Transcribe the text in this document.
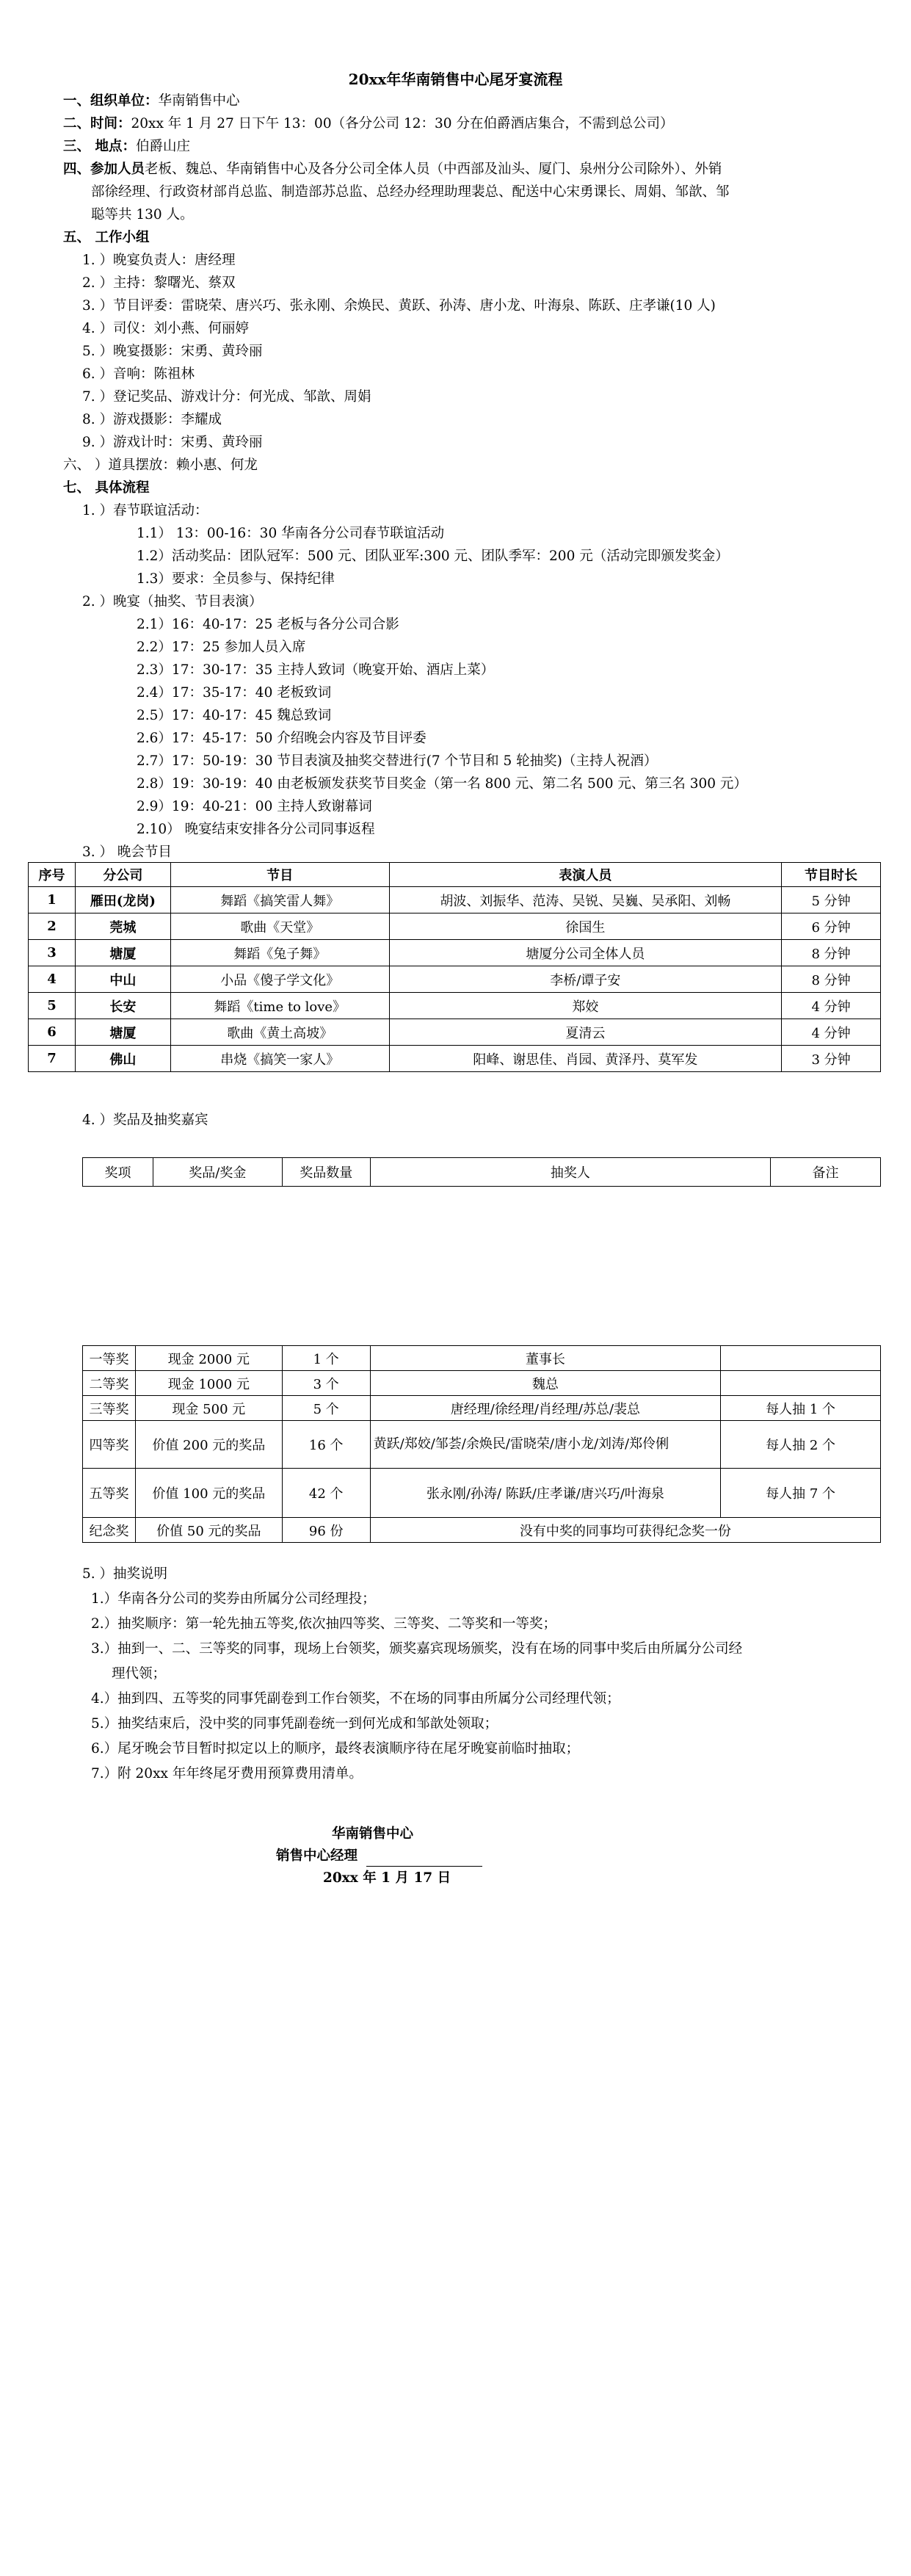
20xx年华南销售中心尾牙宴流程
一、组织单位：华南销售中心
二、时间：20xx 年 1 月 27 日下午 13：00（各分公司 12：30 分在伯爵酒店集合，不需到总公司）
三、 地点：伯爵山庄
四、参加人员老板、魏总、华南销售中心及各分公司全体人员（中西部及汕头、厦门、泉州分公司除外）、外销
部徐经理、行政资材部肖总监、制造部苏总监、总经办经理助理裴总、配送中心宋勇课长、周娟、邹歆、邹
聪等共 130 人。
五、 工作小组
1. ）晚宴负责人：唐经理
2. ）主持：黎曙光、蔡双
3. ）节目评委：雷晓荣、唐兴巧、张永刚、余焕民、黄跃、孙涛、唐小龙、叶海泉、陈跃、庄孝谦(10 人)
4. ）司仪：刘小燕、何丽婷
5. ）晚宴摄影：宋勇、黄玲丽
6. ）音响：陈祖林
7. ）登记奖品、游戏计分：何光成、邹歆、周娟
8. ）游戏摄影：李耀成
9. ）游戏计时：宋勇、黄玲丽
六、 ）道具摆放：赖小惠、何龙
七、 具体流程
1. ）春节联谊活动：
1.1） 13：00-16：30 华南各分公司春节联谊活动
1.2）活动奖品：团队冠军：500 元、团队亚军:300 元、团队季军：200 元（活动完即颁发奖金）
1.3）要求：全员参与、保持纪律
2. ）晚宴（抽奖、节目表演）
2.1）16：40-17：25 老板与各分公司合影
2.2）17：25 参加人员入席
2.3）17：30-17：35 主持人致词（晚宴开始、酒店上菜）
2.4）17：35-17：40 老板致词
2.5）17：40-17：45 魏总致词
2.6）17：45-17：50 介绍晚会内容及节目评委
2.7）17：50-19：30 节目表演及抽奖交替进行(7 个节目和 5 轮抽奖)（主持人祝酒）
2.8）19：30-19：40 由老板颁发获奖节目奖金（第一名 800 元、第二名 500 元、第三名 300 元）
2.9）19：40-21：00 主持人致谢幕词
2.10） 晚宴结束安排各分公司同事返程
3. ） 晚会节目
序号	分公司	节目	表演人员	节目时长
1	雁田(龙岗)	舞蹈《搞笑雷人舞》	胡波、刘振华、范涛、吴锐、吴巍、吴承阳、刘畅	5 分钟
2	莞城	歌曲《天堂》	徐国生	6 分钟
3	塘厦	舞蹈《兔子舞》	塘厦分公司全体人员	8 分钟
4	中山	小品《傻子学文化》	李桥/谭子安	8 分钟
5	长安	舞蹈《time to love》	郑姣	4 分钟
6	塘厦	歌曲《黄土高坡》	夏清云	4 分钟
7	佛山	串烧《搞笑一家人》	阳峰、谢思佳、肖园、黄泽丹、莫军发	3 分钟
4. ）奖品及抽奖嘉宾
奖项	奖品/奖金	奖品数量	抽奖人	备注
一等奖	现金 2000 元	1 个	董事长	
二等奖	现金 1000 元	3 个	魏总	
三等奖	现金 500 元	5 个	唐经理/徐经理/肖经理/苏总/裴总	每人抽 1 个
四等奖	价值 200 元的奖品	16 个	黄跃/郑姣/邹荟/余焕民/雷晓荣/唐小龙/刘涛/郑伶俐	每人抽 2 个
五等奖	价值 100 元的奖品	42 个	张永刚/孙涛/ 陈跃/庄孝谦/唐兴巧/叶海泉	每人抽 7 个
纪念奖	价值 50 元的奖品	96 份	没有中奖的同事均可获得纪念奖一份	
5. ）抽奖说明
1.）华南各分公司的奖券由所属分公司经理投；
2.）抽奖顺序：第一轮先抽五等奖,依次抽四等奖、三等奖、二等奖和一等奖；
3.）抽到一、二、三等奖的同事，现场上台领奖，颁奖嘉宾现场颁奖，没有在场的同事中奖后由所属分公司经
理代领；
4.）抽到四、五等奖的同事凭副卷到工作台领奖，不在场的同事由所属分公司经理代领；
5.）抽奖结束后，没中奖的同事凭副卷统一到何光成和邹歆处领取；
6.）尾牙晚会节目暂时拟定以上的顺序，最终表演顺序待在尾牙晚宴前临时抽取；
7.）附 20xx 年年终尾牙费用预算费用清单。
华南销售中心
销售中心经理
20xx 年 1 月 17 日
